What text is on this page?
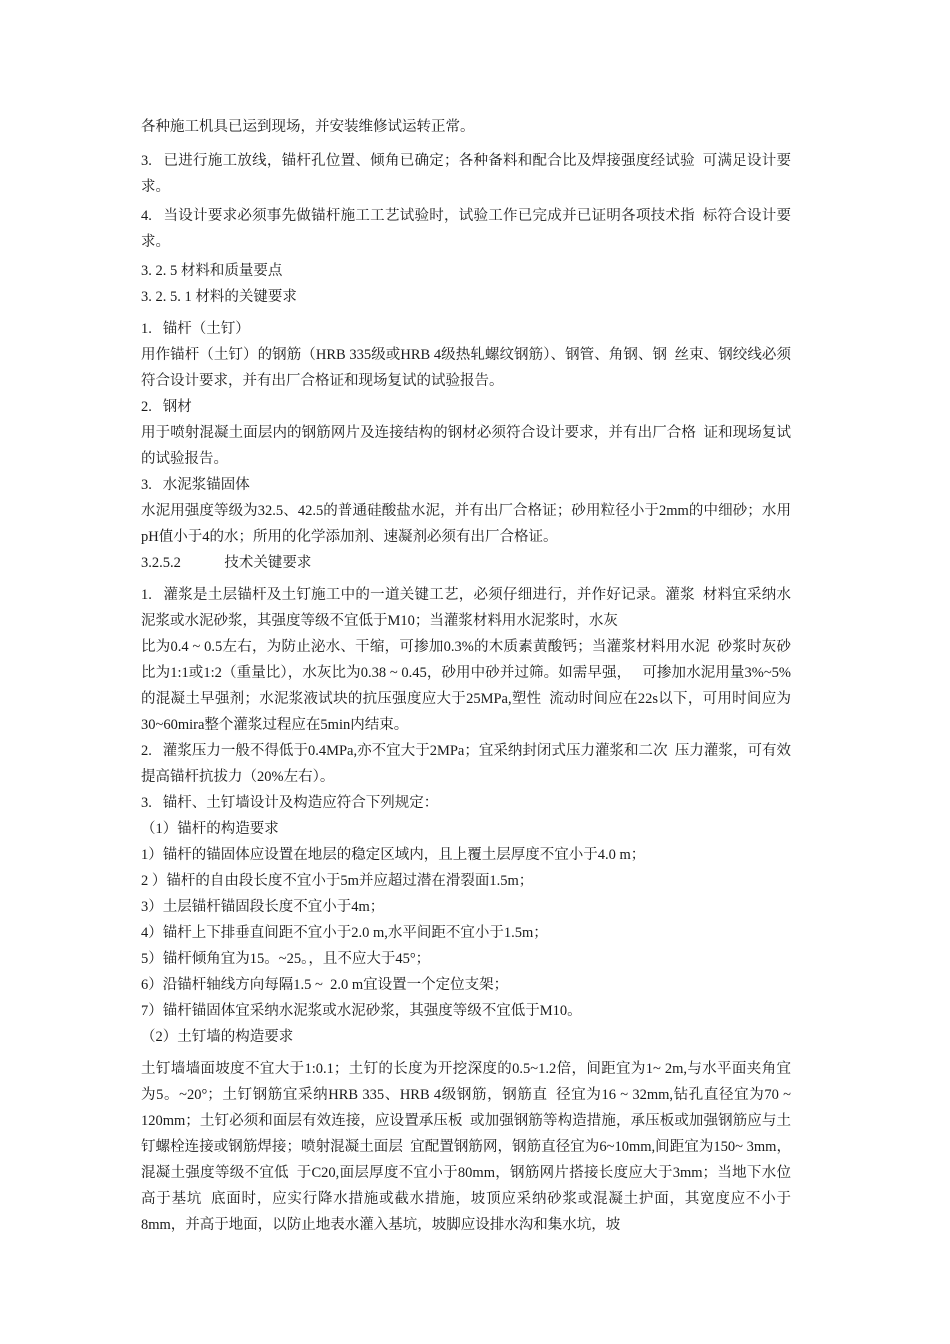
各种施工机具已运到现场，并安装维修试运转正常。

3.   已进行施工放线，锚杆孔位置、倾角已确定；各种备料和配合比及焊接强度经试验  可满足设计要求。

4.   当设计要求必须事先做锚杆施工工艺试验时，试验工作已完成并已证明各项技术指  标符合设计要求。

3. 2. 5 材料和质量要点

3. 2. 5. 1 材料的关键要求

1.   锚杆（土钉）

用作锚杆（土钉）的钢筋（HRB 335级或HRB 4级热轧螺纹钢筋）、钢管、角钢、钢  丝束、钢绞线必须符合设计要求，并有出厂合格证和现场复试的试验报告。

2.   钢材

用于喷射混凝土面层内的钢筋网片及连接结构的钢材必须符合设计要求，并有出厂合格  证和现场复试的试验报告。

3.   水泥浆锚固体

水泥用强度等级为32.5、42.5的普通硅酸盐水泥，并有出厂合格证；砂用粒径小于2mm的中细砂；水用pH值小于4的水；所用的化学添加剂、速凝剂必须有出厂合格证。

3.2.5.2            技术关键要求

1.   灌浆是土层锚杆及土钉施工中的一道关键工艺，必须仔细进行，并作好记录。灌浆  材料宜采纳水泥浆或水泥砂浆，其强度等级不宜低于M10；当灌浆材料用水泥浆时，水灰

比为0.4 ~ 0.5左右，为防止泌水、干缩，可掺加0.3%的木质素黄酸钙；当灌浆材料用水泥  砂浆时灰砂比为1:1或1:2（重量比），水灰比为0.38 ~ 0.45，砂用中砂并过筛。如需早强，   可掺加水泥用量3%~5%的混凝土早强剂；水泥浆液试块的抗压强度应大于25MPa,塑性  流动时间应在22s以下，可用时间应为30~60mira整个灌浆过程应在5min内结束。

2.   灌浆压力一般不得低于0.4MPa,亦不宜大于2MPa；宜采纳封闭式压力灌浆和二次  压力灌浆，可有效提高锚杆抗拔力（20%左右）。

3.   锚杆、土钉墙设计及构造应符合下列规定：

（1）锚杆的构造要求

1）锚杆的锚固体应设置在地层的稳定区域内，且上覆土层厚度不宜小于4.0 m；

2 ）锚杆的自由段长度不宜小于5m并应超过潜在滑裂面1.5m；

3）土层锚杆锚固段长度不宜小于4m；

4）锚杆上下排垂直间距不宜小于2.0 m,水平间距不宜小于1.5m；

5）锚杆倾角宜为15。~25。，且不应大于45°；

6）沿锚杆轴线方向每隔1.5 ~  2.0 m宜设置一个定位支架；

7）锚杆锚固体宜采纳水泥浆或水泥砂浆，其强度等级不宜低于M10。

（2）土钉墙的构造要求

土钉墙墙面坡度不宜大于1:0.1；土钉的长度为开挖深度的0.5~1.2倍，间距宜为1~ 2m,与水平面夹角宜为5。~20°；土钉钢筋宜采纳HRB 335、HRB 4级钢筋，钢筋直  径宜为16 ~ 32mm,钻孔直径宜为70 ~ 120mm；土钉必须和面层有效连接，应设置承压板  或加强钢筋等构造措施，承压板或加强钢筋应与土钉螺栓连接或钢筋焊接；喷射混凝土面层  宜配置钢筋网，钢筋直径宜为6~10mm,间距宜为150~ 3mm，混凝土强度等级不宜低  于C20,面层厚度不宜小于80mm，钢筋网片搭接长度应大于3mm；当地下水位高于基坑  底面时，应实行降水措施或截水措施，坡顶应采纳砂浆或混凝土护面，其宽度应不小于  8mm，并高于地面，以防止地表水灌入基坑，坡脚应设排水沟和集水坑，坡
